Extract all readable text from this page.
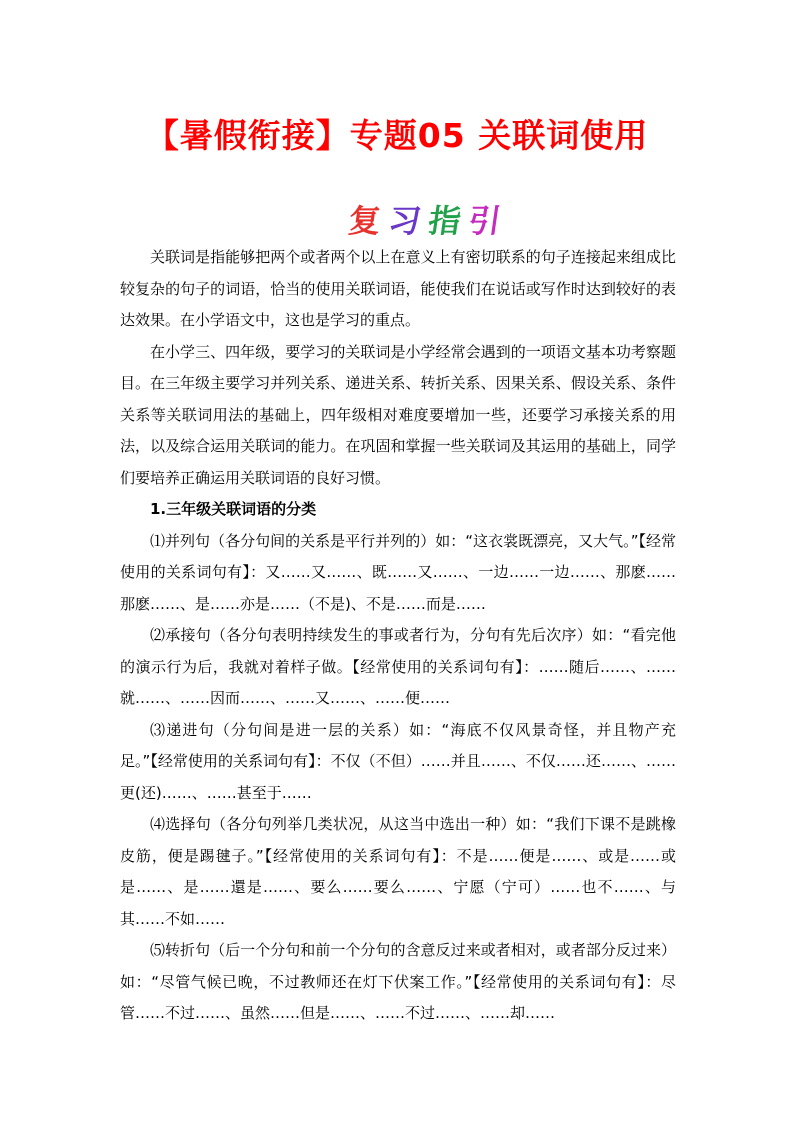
【暑假衔接】专题05 关联词使用
复习指引

关联词是指能够把两个或者两个以上在意义上有密切联系的句子连接起来组成比较复杂的句子的词语，恰当的使用关联词语，能使我们在说话或写作时达到较好的表达效果。在小学语文中，这也是学习的重点。

在小学三、四年级，要学习的关联词是小学经常会遇到的一项语文基本功考察题目。在三年级主要学习并列关系、递进关系、转折关系、因果关系、假设关系、条件关系等关联词用法的基础上，四年级相对难度要增加一些，还要学习承接关系的用法，以及综合运用关联词的能力。在巩固和掌握一些关联词及其运用的基础上，同学们要培养正确运用关联词语的良好习惯。

1.三年级关联词语的分类

⑴并列句（各分句间的关系是平行并列的）如：“这衣裳既漂亮，又大气。”【经常使用的关系词句有】：又……又……、既……又……、一边……一边……、那麽……那麽……、是……亦是……（不是)、不是……而是……

⑵承接句（各分句表明持续发生的事或者行为，分句有先后次序）如：“看完他的演示行为后，我就对着样子做。【经常使用的关系词句有】：……随后……、……就……、……因而……、……又……、……便……

⑶递进句（分句间是进一层的关系）如：“海底不仅风景奇怪，并且物产充足。”【经常使用的关系词句有】：不仅（不但）……并且……、不仅……还……、……更(还)……、……甚至于……

⑷选择句（各分句列举几类状况，从这当中选出一种）如：“我们下课不是跳橡皮筋，便是踢毽子。”【经常使用的关系词句有】：不是……便是……、或是……或是……、是……還是……、要么……要么……、宁愿（宁可）……也不……、与其……不如……

⑸转折句（后一个分句和前一个分句的含意反过来或者相对，或者部分反过来）如：“尽管气候已晚，不过教师还在灯下伏案工作。”【经常使用的关系词句有】：尽管……不过……、虽然……但是……、……不过……、……却……
